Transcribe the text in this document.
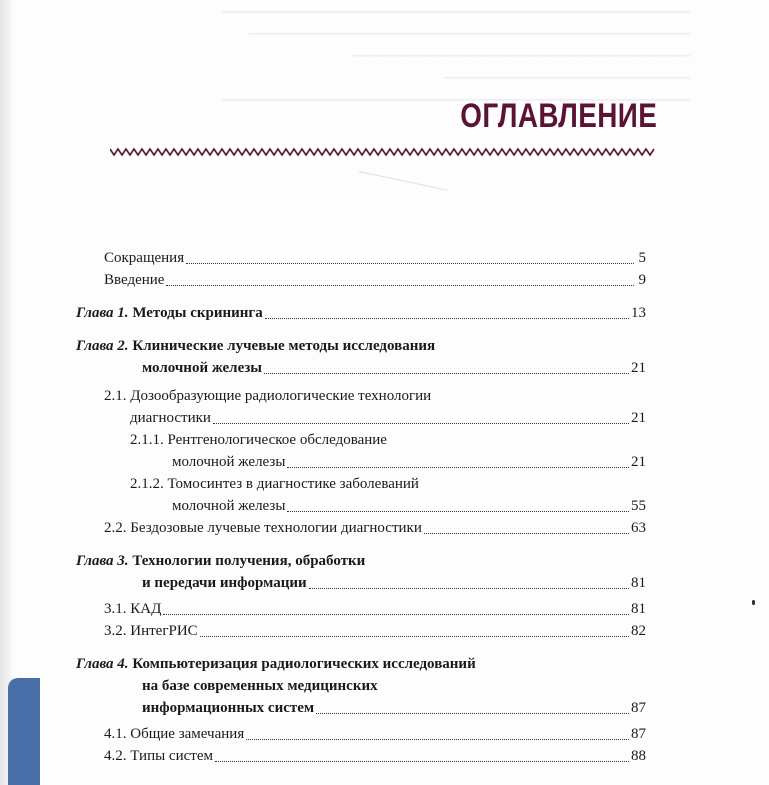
————————————————————————————————————
——————————————————————————————————
——————————————————————————
———————————————————
————————————————————————————————————
ОГЛАВЛЕНИЕ
Сокращения	5
Введение	9
Глава 1. Методы скрининга	13
Глава 2. Клинические лучевые методы исследования
молочной железы	21
2.1. Дозообразующие радиологические технологии
диагностики	21
2.1.1. Рентгенологическое обследование
молочной железы	21
2.1.2. Томосинтез в диагностике заболеваний
молочной железы	55
2.2. Бездозовые лучевые технологии диагностики	63
Глава 3. Технологии получения, обработки
и передачи информации	81
3.1. КАД	81
3.2. ИнтегРИС	82
Глава 4. Компьютеризация радиологических исследований
на базе современных медицинских
информационных систем	87
4.1. Общие замечания	87
4.2. Типы систем	88
